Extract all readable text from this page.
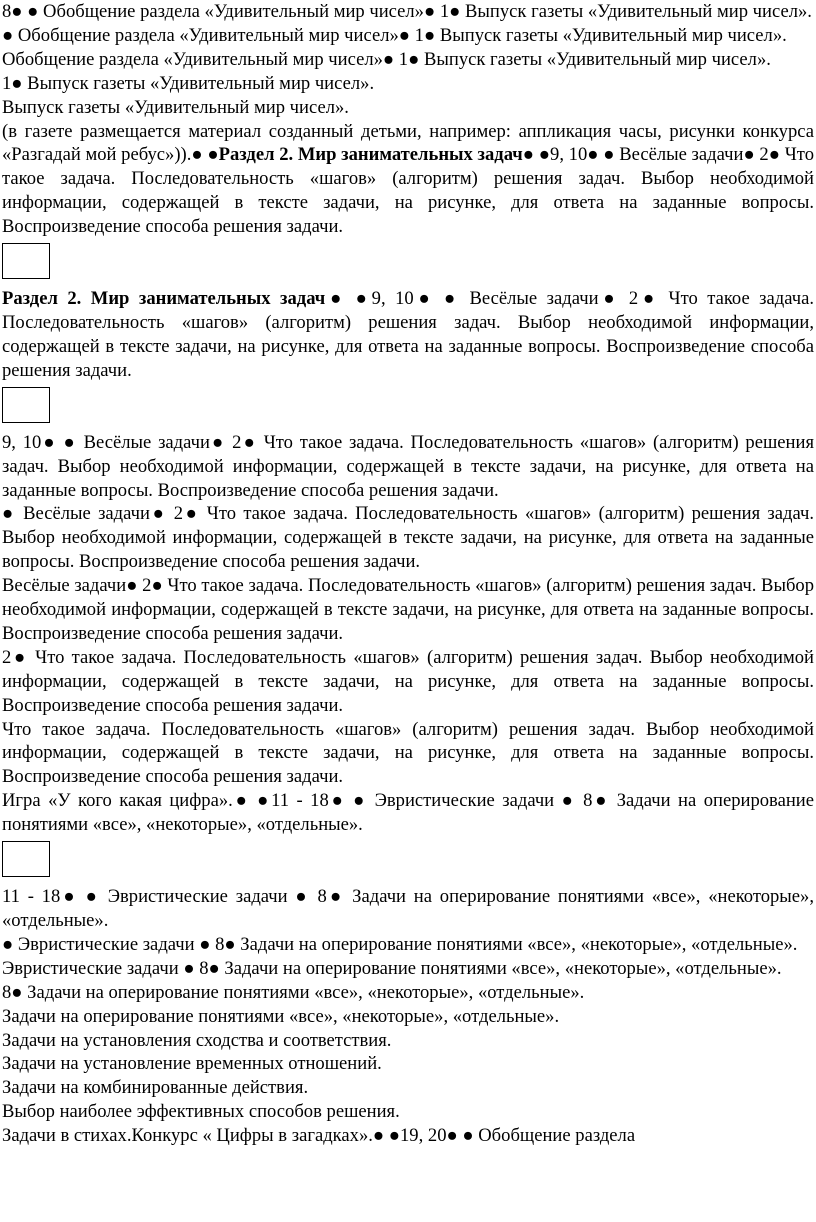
8● ● Обобщение раздела «Удивительный мир чисел»● 1● Выпуск газеты «Удивительный мир чисел».

● Обобщение раздела «Удивительный мир чисел»● 1● Выпуск газеты «Удивительный мир чисел».

Обобщение раздела «Удивительный мир чисел»● 1● Выпуск газеты «Удивительный мир чисел».

1● Выпуск газеты «Удивительный мир чисел».

Выпуск газеты «Удивительный мир чисел».

(в газете размещается материал созданный детьми, например: аппликация часы, рисунки конкурса «Разгадай мой ребус»)).● ●Раздел 2. Мир занимательных задач● ●9, 10● ● Весёлые задачи● 2● Что такое задача. Последовательность «шагов» (алгоритм) решения задач. Выбор необходимой информации, содержащей в тексте задачи, на рисунке, для ответа на заданные вопросы. Воспроизведение способа решения задачи.

Раздел 2. Мир занимательных задач● ●9, 10● ● Весёлые задачи● 2● Что такое задача. Последовательность «шагов» (алгоритм) решения задач. Выбор необходимой информации, содержащей в тексте задачи, на рисунке, для ответа на заданные вопросы. Воспроизведение способа решения задачи.

9, 10● ● Весёлые задачи● 2● Что такое задача. Последовательность «шагов» (алгоритм) решения задач. Выбор необходимой информации, содержащей в тексте задачи, на рисунке, для ответа на заданные вопросы. Воспроизведение способа решения задачи.

● Весёлые задачи● 2● Что такое задача. Последовательность «шагов» (алгоритм) решения задач. Выбор необходимой информации, содержащей в тексте задачи, на рисунке, для ответа на заданные вопросы. Воспроизведение способа решения задачи.

Весёлые задачи● 2● Что такое задача. Последовательность «шагов» (алгоритм) решения задач. Выбор необходимой информации, содержащей в тексте задачи, на рисунке, для ответа на заданные вопросы. Воспроизведение способа решения задачи.

2● Что такое задача. Последовательность «шагов» (алгоритм) решения задач. Выбор необходимой информации, содержащей в тексте задачи, на рисунке, для ответа на заданные вопросы. Воспроизведение способа решения задачи.

Что такое задача. Последовательность «шагов» (алгоритм) решения задач. Выбор необходимой информации, содержащей в тексте задачи, на рисунке, для ответа на заданные вопросы. Воспроизведение способа решения задачи.

Игра «У кого какая цифра».● ●11 - 18● ● Эвристические задачи ● 8● Задачи на оперирование понятиями «все», «некоторые», «отдельные».

11 - 18● ● Эвристические задачи ● 8● Задачи на оперирование понятиями «все», «некоторые», «отдельные».

● Эвристические задачи ● 8● Задачи на оперирование понятиями «все», «некоторые», «отдельные».

Эвристические задачи ● 8● Задачи на оперирование понятиями «все», «некоторые», «отдельные».

8● Задачи на оперирование понятиями «все», «некоторые», «отдельные».

Задачи на оперирование понятиями «все», «некоторые», «отдельные».

Задачи на установления сходства и соответствия.

Задачи на установление временных отношений.

Задачи на комбинированные действия.

Выбор наиболее эффективных способов решения.

Задачи в стихах.Конкурс « Цифры в загадках».● ●19, 20● ● Обобщение раздела
